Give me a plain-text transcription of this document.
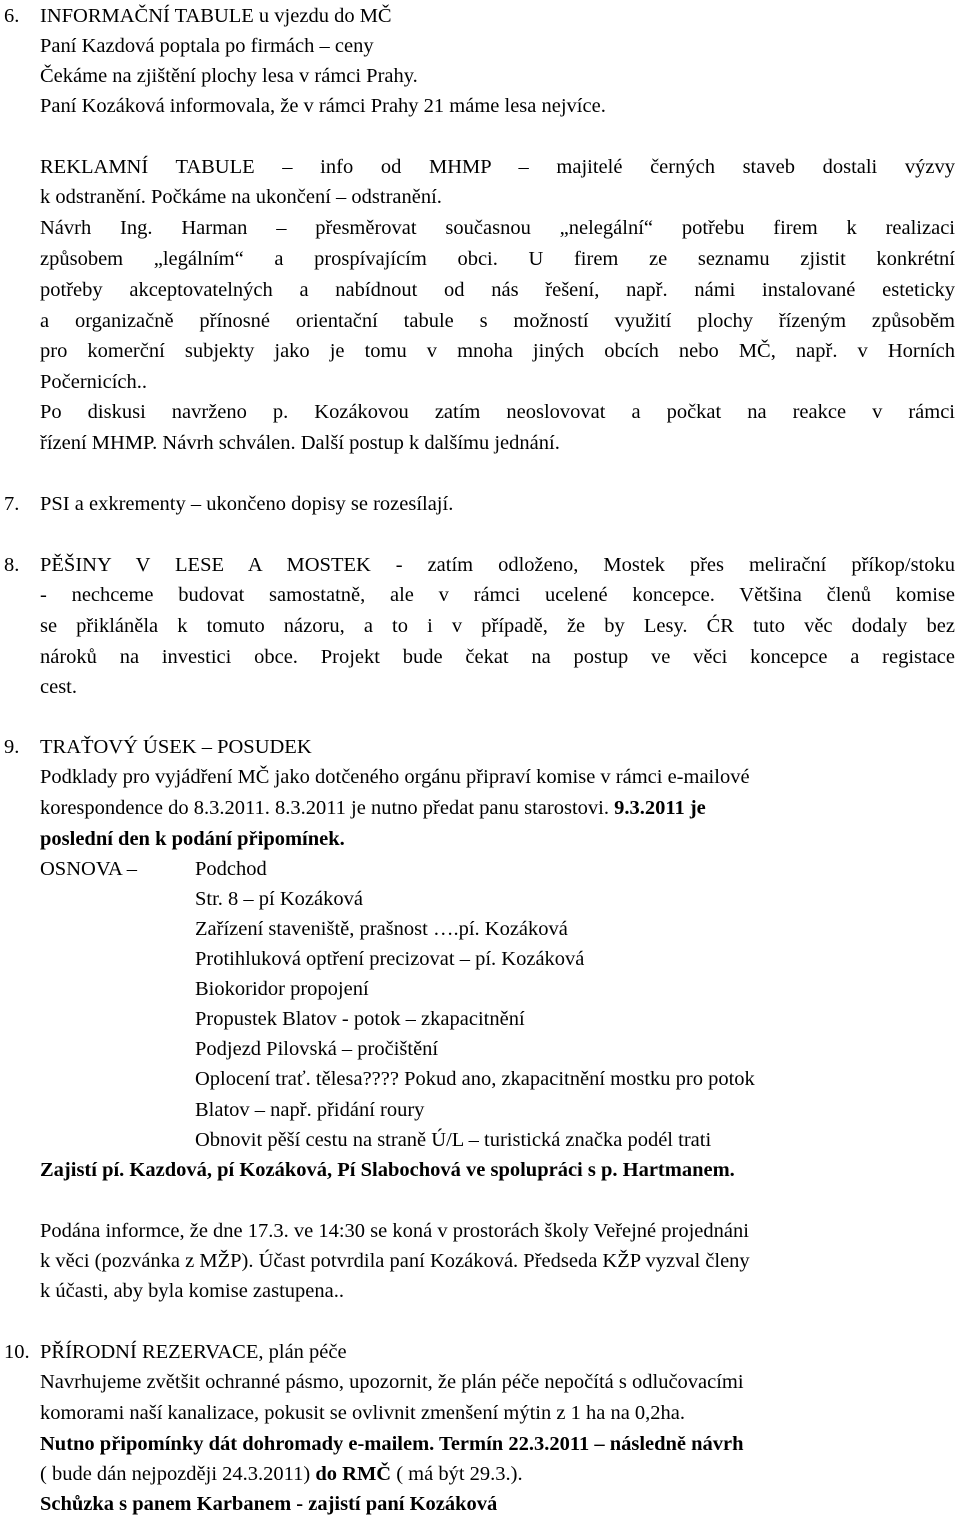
6. INFORMAČNÍ TABULE u vjezdu do MČ
Paní Kazdová poptala po firmách – ceny
Čekáme na zjištění plochy lesa v rámci Prahy.
Paní Kozáková informovala, že v rámci Prahy 21 máme lesa nejvíce.
REKLAMNÍ TABULE – info od MHMP – majitelé černých staveb dostali výzvy
k odstranění. Počkáme na ukončení – odstranění.
Návrh Ing. Harman – přesměrovat současnou „nelegální“ potřebu firem k realizaci
způsobem „legálním“ a prospívajícím obci. U firem ze seznamu zjistit konkrétní
potřeby akceptovatelných a nabídnout od nás řešení, např. námi instalované esteticky
a organizačně přínosné orientační tabule s možností využití plochy řízeným způsoběm
pro komerční subjekty jako je tomu v mnoha jiných obcích nebo MČ, např. v Horních
Počernicích..
Po diskusi navrženo p. Kozákovou zatím neoslovovat a počkat na reakce v rámci
řízení MHMP. Návrh schválen. Další postup k dalšímu jednání.
7. PSI a exkrementy – ukončeno dopisy se rozesílají.
8. PĚŠINY V LESE A MOSTEK - zatím odloženo, Mostek přes melirační příkop/stoku
- nechceme budovat samostatně, ale v rámci ucelené koncepce. Většina členů komise
se přikláněla k tomuto názoru, a to i v případě, že by Lesy. ĆR tuto věc dodaly bez
nároků na investici obce. Projekt bude čekat na postup ve věci koncepce a registace
cest.
9. TRAŤOVÝ ÚSEK – POSUDEK
Podklady pro vyjádření MČ jako dotčeného orgánu připraví komise v rámci e-mailové
korespondence do 8.3.2011. 8.3.2011 je nutno předat panu starostovi. 9.3.2011 je
poslední den k podání připomínek.
OSNOVA –	Podchod
Str. 8 – pí Kozáková
Zařízení staveniště, prašnost ….pí. Kozáková
Protihluková optření precizovat – pí. Kozáková
Biokoridor propojení
Propustek Blatov - potok – zkapacitnění
Podjezd Pilovská – pročištění
Oplocení trať. tělesa???? Pokud ano, zkapacitnění mostku pro potok
Blatov – např. přidání roury
Obnovit pěší cestu na straně Ú/L – turistická značka podél trati
Zajistí pí. Kazdová, pí Kozáková, Pí Slabochová ve spolupráci s p. Hartmanem.
Podána informce, že dne 17.3. ve 14:30 se koná v prostorách školy Veřejné projednáni
k věci (pozvánka z MŽP). Účast potvrdila paní Kozáková. Předseda KŽP vyzval členy
k účasti, aby byla komise zastupena..
10. PŘÍRODNÍ REZERVACE, plán péče
Navrhujeme zvětšit ochranné pásmo, upozornit, že plán péče nepočítá s odlučovacími
komorami naší kanalizace, pokusit se ovlivnit zmenšení mýtin z 1 ha na 0,2ha.
Nutno připomínky dát dohromady e-mailem. Termín 22.3.2011 – následně návrh
( bude dán nejpozději 24.3.2011) do RMČ ( má být 29.3.).
Schůzka s panem Karbanem - zajistí paní Kozáková
